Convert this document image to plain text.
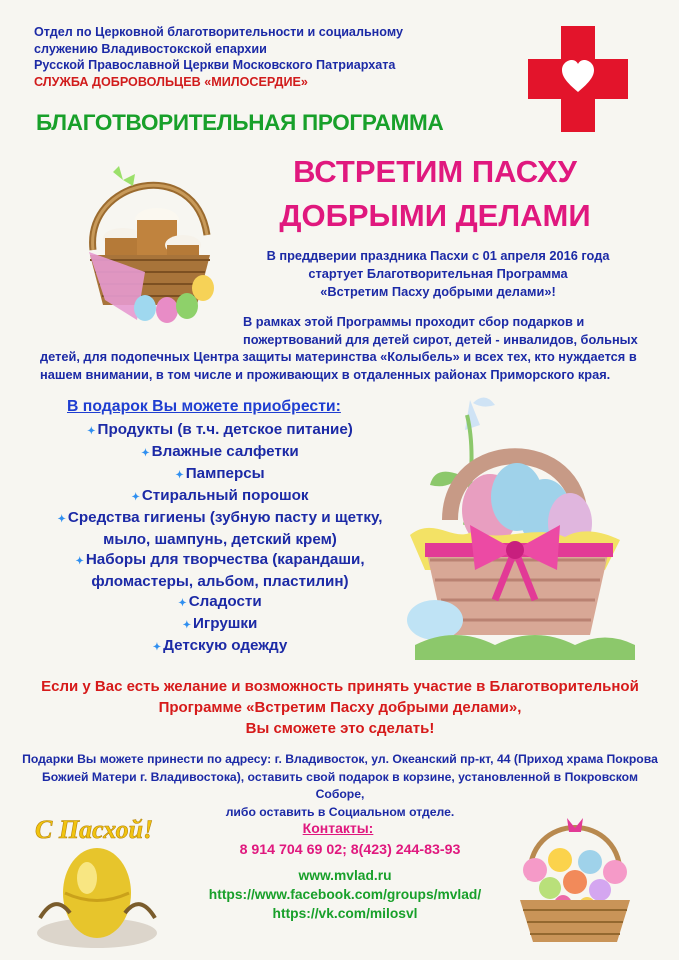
Отдел по Церковной благотворительности и социальному
служению Владивостокской епархии
Русской Православной Церкви Московского Патриархата
СЛУЖБА ДОБРОВОЛЬЦЕВ «МИЛОСЕРДИЕ»
БЛАГОТВОРИТЕЛЬНАЯ ПРОГРАММА
ВСТРЕТИМ ПАСХУ
ДОБРЫМИ ДЕЛАМИ
В преддверии праздника Пасхи с 01 апреля 2016 года
стартует Благотворительная Программа
«Встретим Пасху добрыми делами»!
В рамках этой Программы проходит сбор подарков и
пожертвований для детей сирот, детей - инвалидов, больных
детей, для подопечных Центра защиты материнства «Колыбель» и всех тех, кто нуждается в
нашем внимании, в том числе и проживающих в отдаленных районах Приморского края.
В подарок Вы можете приобрести:
✦ Продукты (в т.ч. детское питание)
✦ Влажные салфетки
✦ Памперсы
✦ Стиральный порошок
✦ Средства гигиены (зубную пасту и щетку,
мыло, шампунь, детский крем)
✦ Наборы для творчества (карандаши,
фломастеры, альбом, пластилин)
✦ Сладости
✦ Игрушки
✦ Детскую одежду
Если у Вас есть желание и возможность принять участие в Благотворительной
Программе «Встретим Пасху добрыми делами»,
Вы сможете это сделать!
Подарки Вы можете принести по адресу: г. Владивосток, ул. Океанский пр-кт, 44 (Приход храма Покрова
Божией Матери г. Владивостока), оставить свой подарок в корзине, установленной в Покровском Соборе,
либо оставить в Социальном отделе.
С Пасхой!	Контакты:
8 914 704 69 02; 8(423) 244-83-93
www.mvlad.ru
https://www.facebook.com/groups/mvlad/
https://vk.com/milosvl
